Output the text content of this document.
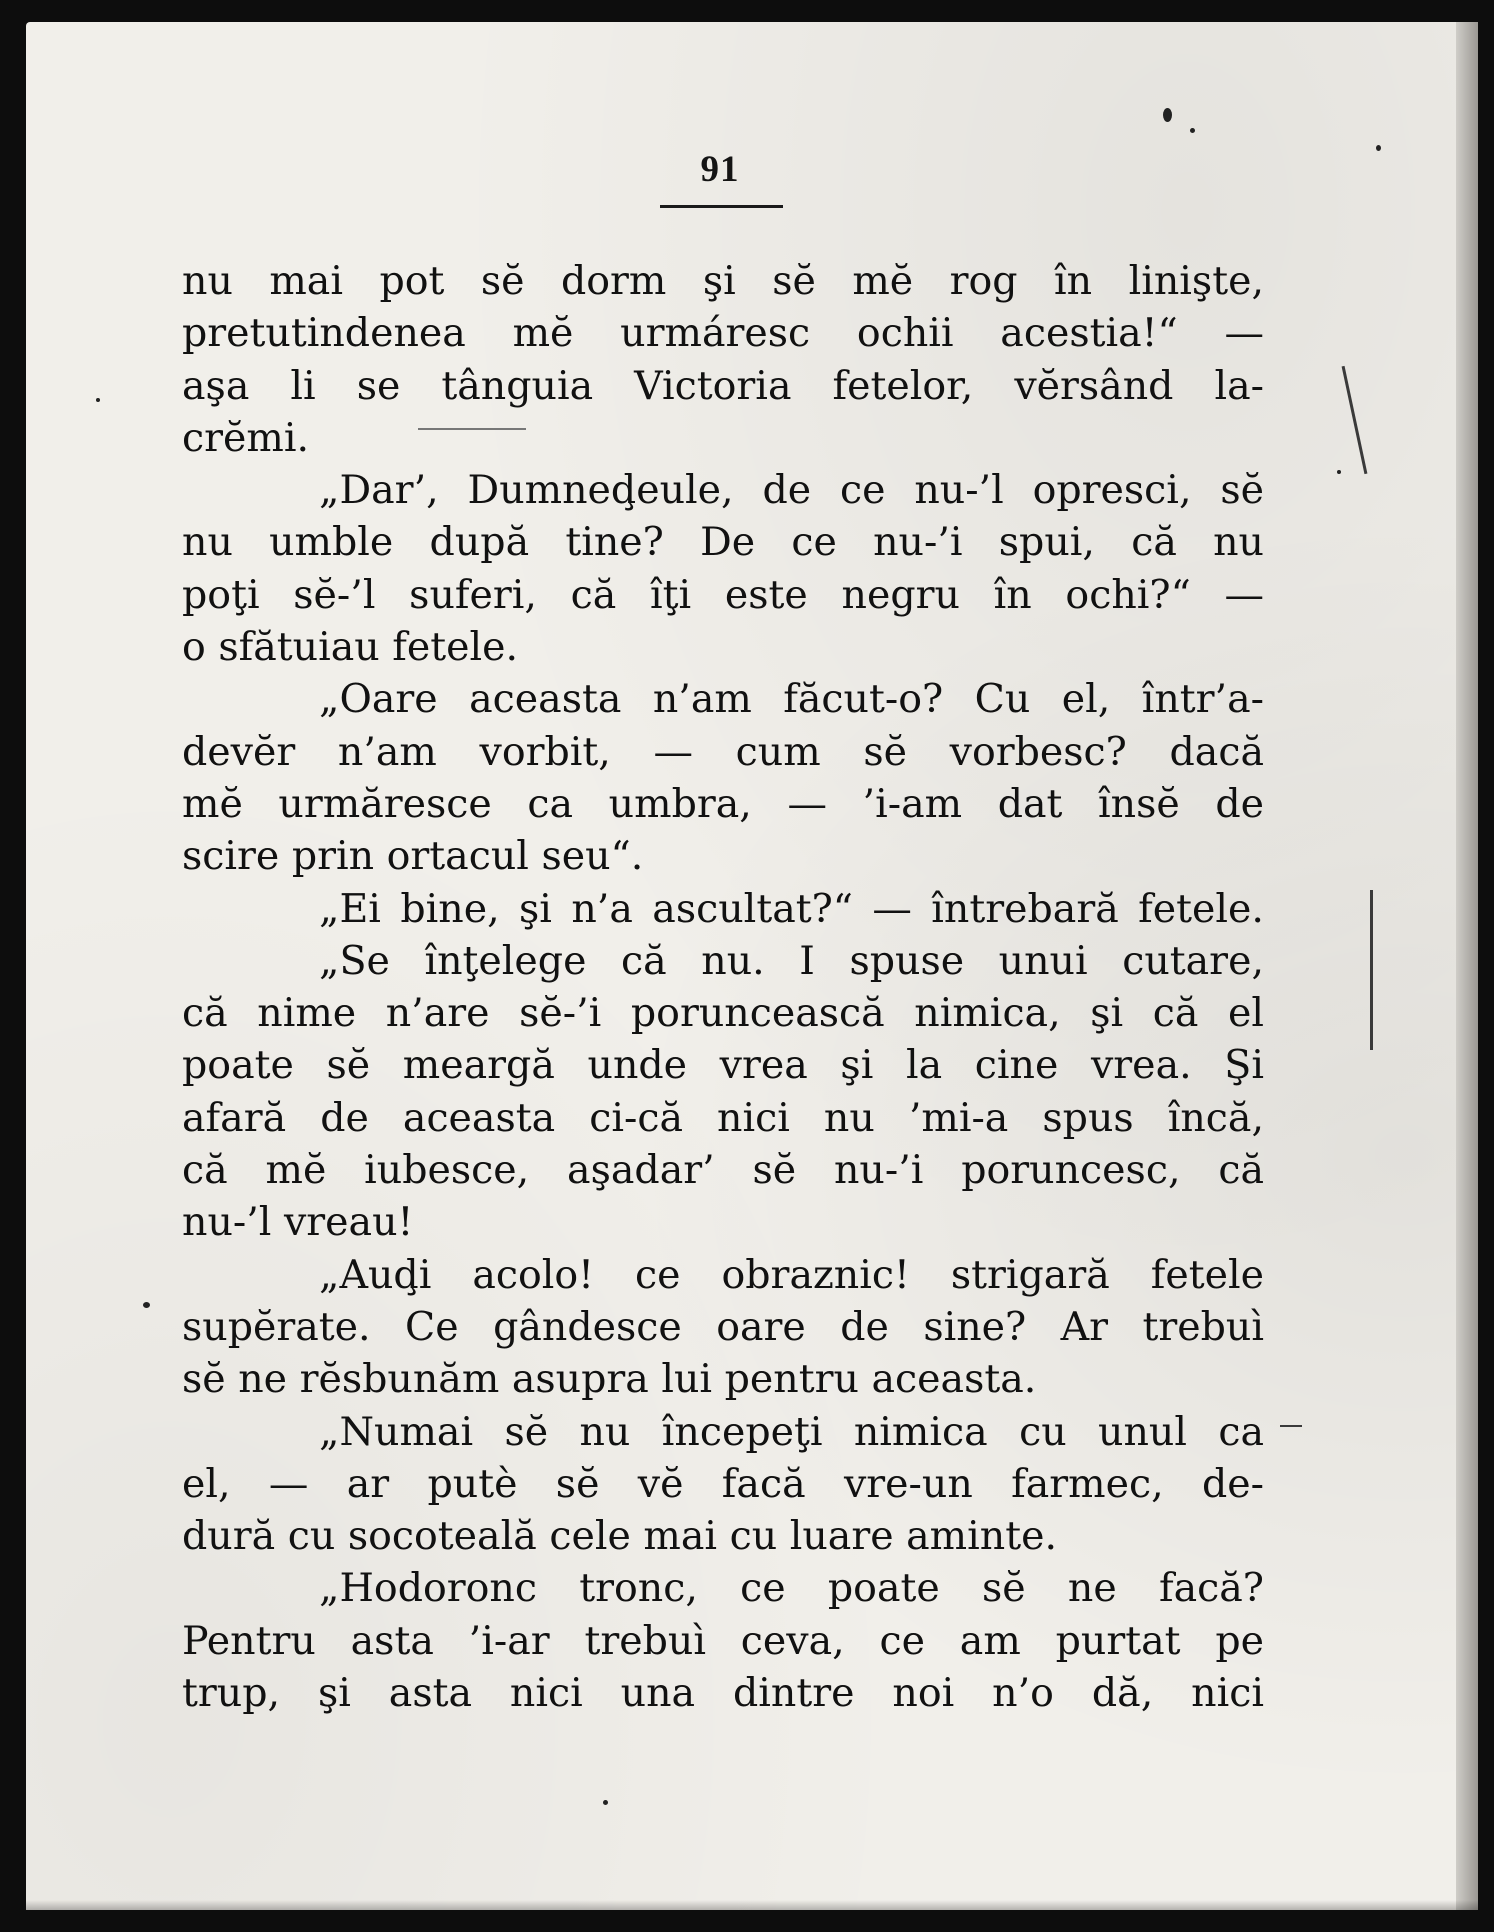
91
nu mai pot sĕ dorm şi sĕ mĕ rog în linişte,
pretutindenea mĕ urmáresc ochii acestia!“ —
aşa li se tânguia Victoria fetelor, vĕrsând la-
crĕmi.
„Dar’, Dumneḑeule, de ce nu-’l opresci, sĕ
nu umble după tine? De ce nu-’i spui, că nu
poţi sĕ-’l suferi, că îţi este negru în ochi?“ —
o sfătuiau fetele.
„Oare aceasta n’am făcut-o? Cu el, într’a-
devĕr n’am vorbit, — cum sĕ vorbesc? dacă
mĕ urmăresce ca umbra, — ’i-am dat însĕ de
scire prin ortacul seu“.
„Ei bine, şi n’a ascultat?“ — întrebară fetele.
„Se înţelege că nu. I spuse unui cutare,
că nime n’are sĕ-’i poruncească nimica, şi că el
poate sĕ meargă unde vrea şi la cine vrea. Şi
afară de aceasta ci-că nici nu ’mi-a spus încă,
că mĕ iubesce, aşadar’ sĕ nu-’i poruncesc, că
nu-’l vreau!
„Auḑi acolo! ce obraznic! strigară fetele
supĕrate. Ce gândesce oare de sine? Ar trebuì
sĕ ne rĕsbunăm asupra lui pentru aceasta.
„Numai sĕ nu începeţi nimica cu unul ca
el, — ar putè sĕ vĕ facă vre-un farmec, de-
dură cu socoteală cele mai cu luare aminte.
„Hodoronc tronc, ce poate sĕ ne facă?
Pentru asta ’i-ar trebuì ceva, ce am purtat pe
trup, şi asta nici una dintre noi n’o dă, nici
